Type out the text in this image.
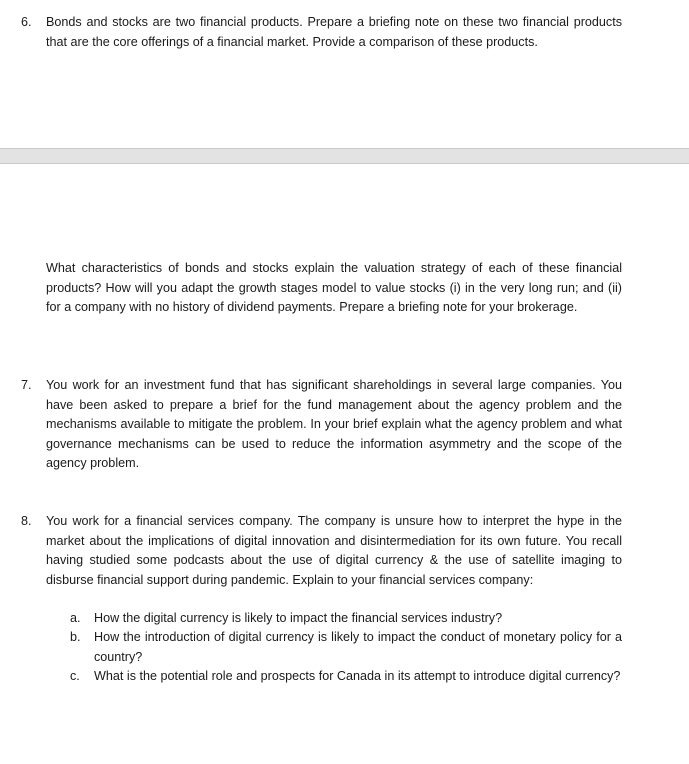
6. Bonds and stocks are two financial products. Prepare a briefing note on these two financial products that are the core offerings of a financial market. Provide a comparison of these products.

What characteristics of bonds and stocks explain the valuation strategy of each of these financial products? How will you adapt the growth stages model to value stocks (i) in the very long run; and (ii) for a company with no history of dividend payments. Prepare a briefing note for your brokerage.

7. You work for an investment fund that has significant shareholdings in several large companies. You have been asked to prepare a brief for the fund management about the agency problem and the mechanisms available to mitigate the problem. In your brief explain what the agency problem and what governance mechanisms can be used to reduce the information asymmetry and the scope of the agency problem.

8. You work for a financial services company. The company is unsure how to interpret the hype in the market about the implications of digital innovation and disintermediation for its own future. You recall having studied some podcasts about the use of digital currency & the use of satellite imaging to disburse financial support during pandemic. Explain to your financial services company:

a. How the digital currency is likely to impact the financial services industry?

b. How the introduction of digital currency is likely to impact the conduct of monetary policy for a country?

c. What is the potential role and prospects for Canada in its attempt to introduce digital currency?
